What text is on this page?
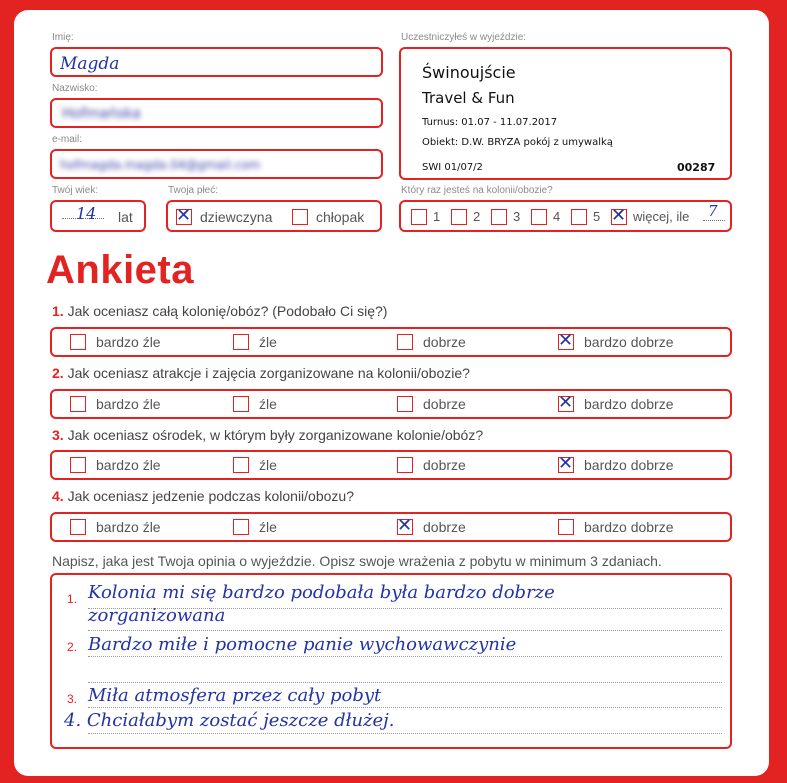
Imię:
Magda
Nazwisko:
Hofmańska
e-mail:
hofmagda.magda.04@gmail.com
Twój wiek:
14 lat
Twoja płeć:
✕ dziewczyna	chłopak
Uczestniczyłeś w wyjeździe:
Świnoujście
Travel & Fun
Turnus: 01.07 - 11.07.2017
Obiekt: D.W. BRYZA pokój z umywalką
SWI 01/07/2	00287
Który raz jesteś na kolonii/obozie?
1	2	3	4	5 ✕ więcej, ile 7
Ankieta
1. Jak oceniasz całą kolonię/obóz? (Podobało Ci się?)
bardzo źle	źle	dobrze	✕ bardzo dobrze
2. Jak oceniasz atrakcje i zajęcia zorganizowane na kolonii/obozie?
bardzo źle	źle	dobrze	✕ bardzo dobrze
3. Jak oceniasz ośrodek, w którym były zorganizowane kolonie/obóz?
bardzo źle	źle	dobrze	✕ bardzo dobrze
4. Jak oceniasz jedzenie podczas kolonii/obozu?
bardzo źle	źle	✕ dobrze	bardzo dobrze
Napisz, jaka jest Twoja opinia o wyjeździe. Opisz swoje wrażenia z pobytu w minimum 3 zdaniach.
1.
2.
3.
Kolonia mi się bardzo podobała była bardzo dobrze
zorganizowana
Bardzo miłe i pomocne panie wychowawczynie
Miła atmosfera przez cały pobyt
4. Chciałabym zostać jeszcze dłużej.
